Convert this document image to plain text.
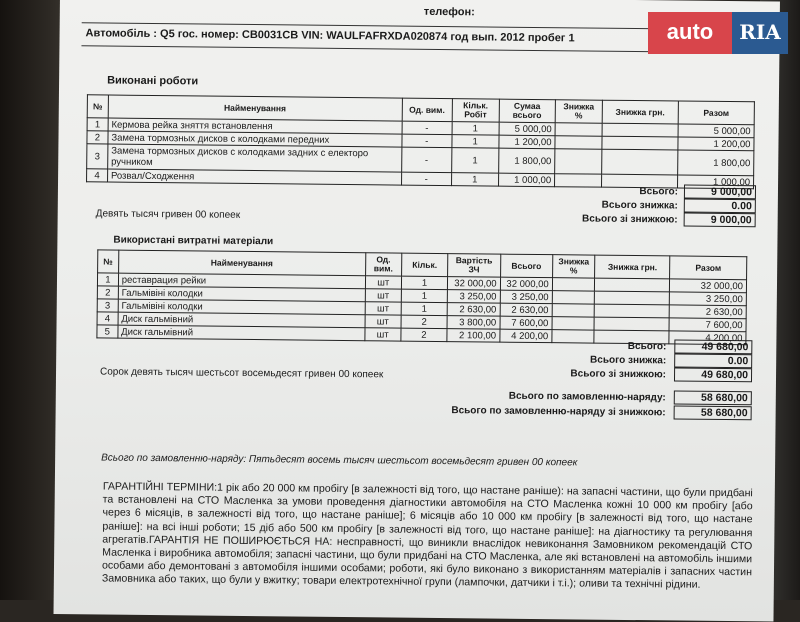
телефон:
Автомобіль : Q5 гос. номер: СВ0031СВ VIN: WAULFAFRXDA020874 год вып. 2012 пробег 1
Виконані роботи
№	Найменування	Од. вим.	Кільк. Робіт	Сумаа всього	Знижка %	Знижка грн.	Разом
1	Кермова рейка зняття встановлення	-	1	5 000,00			5 000,00
2	Замена тормозных дисков с колодками передних	-	1	1 200,00			1 200,00
3	Замена тормозных дисков с колодками задних с електоро ручником	-	1	1 800,00			1 800,00
4	Розвал/Сходження	-	1	1 000,00			1 000,00
Всього:	9 000,00
Всього знижка:	0.00
Всього зі знижкою:	9 000,00
Девять тысяч гривен 00 копеек
Використані витратні матеріали
№	Найменування	Од. вим.	Кільк.	Вартість ЗЧ	Всього	Знижка %	Знижка грн.	Разом
1	реставрация рейки	шт	1	32 000,00	32 000,00			32 000,00
2	Гальмівіні колодки	шт	1	3 250,00	3 250,00			3 250,00
3	Гальмівіні колодки	шт	1	2 630,00	2 630,00			2 630,00
4	Диск гальмівний	шт	2	3 800,00	7 600,00			7 600,00
5	Диск гальмівний	шт	2	2 100,00	4 200,00			4 200,00
Всього:	49 680,00
Всього знижка:	0.00
Всього зі знижкою:	49 680,00
Сорок девять тысяч шестьсот восемьдесят гривен 00 копеек
Всього по замовленню-наряду:	58 680,00
Всього по замовленню-наряду зі знижкою:	58 680,00
Всього по замовленню-наряду: Пятьдесят восемь тысяч шестьсот восемьдесят гривен 00 копеек
ГАРАНТІЙНІ ТЕРМІНИ:1 рік або 20 000 км пробігу [в залежності від того, що настане раніше): на запасні частини, що були придбані та встановлені на СТО Масленка за умови проведення діагностики автомобіля на СТО Масленка кожні 10 000 км пробігу [або через 6 місяців, в залежності від того, що настане раніше]; 6 місяців або 10 000 км пробігу [в залежності від того, що настане раніше]: на всі інші роботи; 15 діб або 500 км пробігу [в залежності від того, що настане раніше]: на діагностику та регулювання агрегатів.ГАРАНТІЯ НЕ ПОШИРЮЄТЬСЯ НА: несправності, що виникли внаслідок невиконання Замовником рекомендацій СТО Масленка і виробника автомобіля; запасні частини, що були придбані на СТО Масленка, але які встановлені на автомобіль іншими особами або демонтовані з автомобіля іншими особами; роботи, які було виконано з використанням матеріалів і запасних частин Замовника або таких, що були у вжитку; товари електротехнічної групи (лампочки, датчики і т.і.); оливи та технічні рідини.
auto	RIA
